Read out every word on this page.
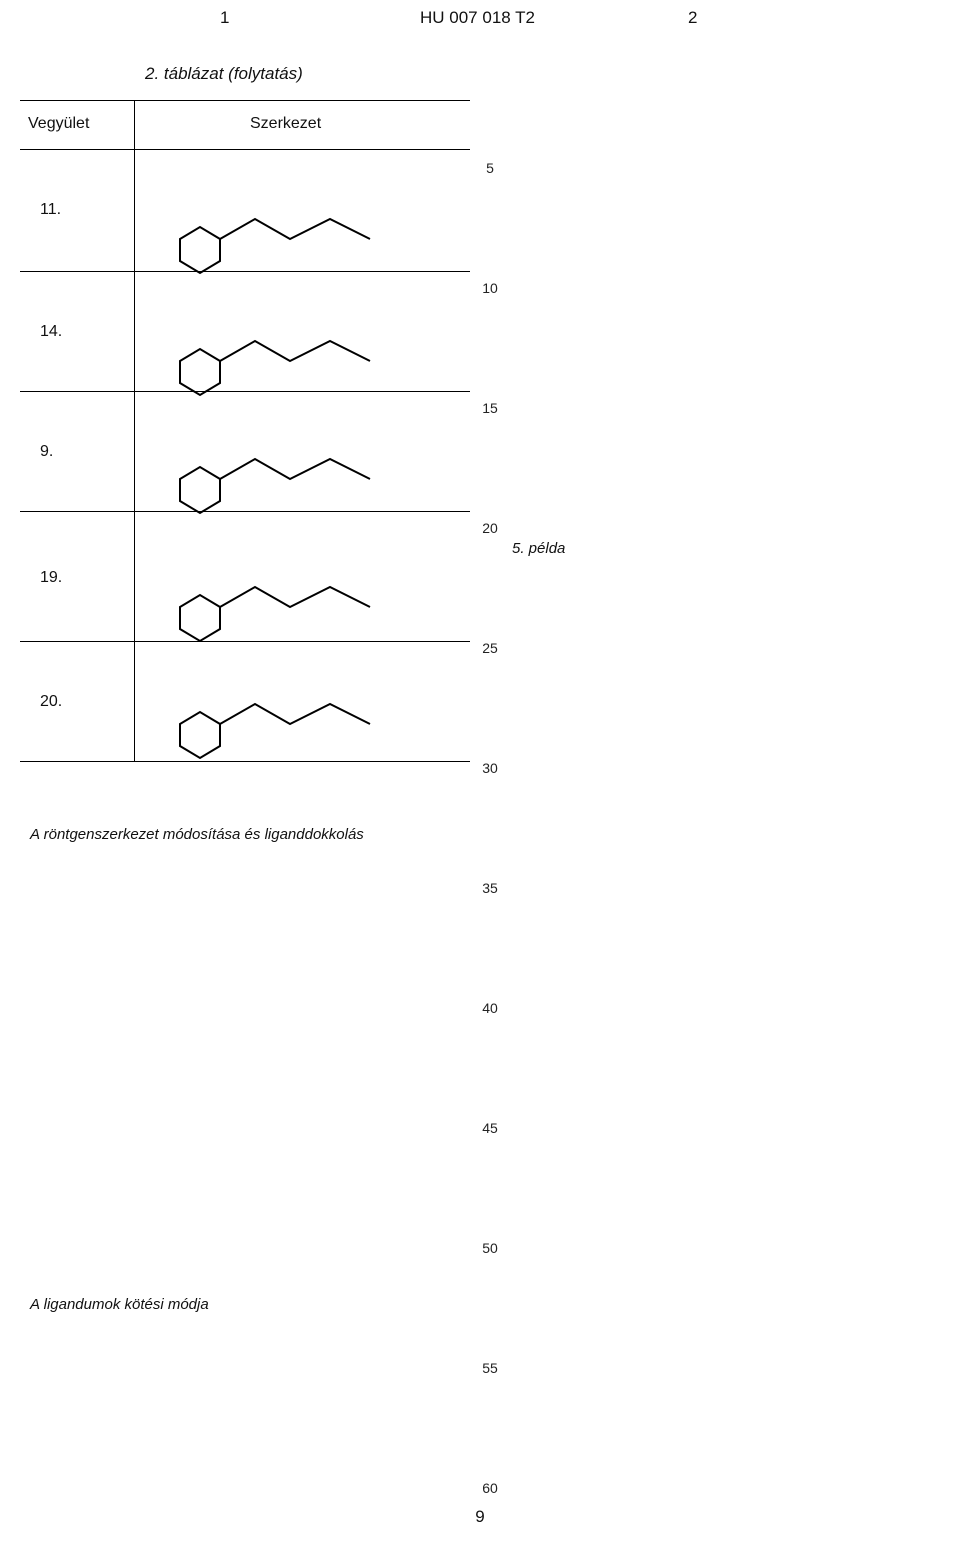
1	HU 007 018 T2	2
2. táblázat (folytatás)
Vegyület	Szerkezet
11.
14.
9.
19.
20.
A röntgenszerkezet módosítása és liganddokkolás
A ligandumok kötési módja
5. példa
5
10
15
20
25
30
35
40
45
50
55
60
9
